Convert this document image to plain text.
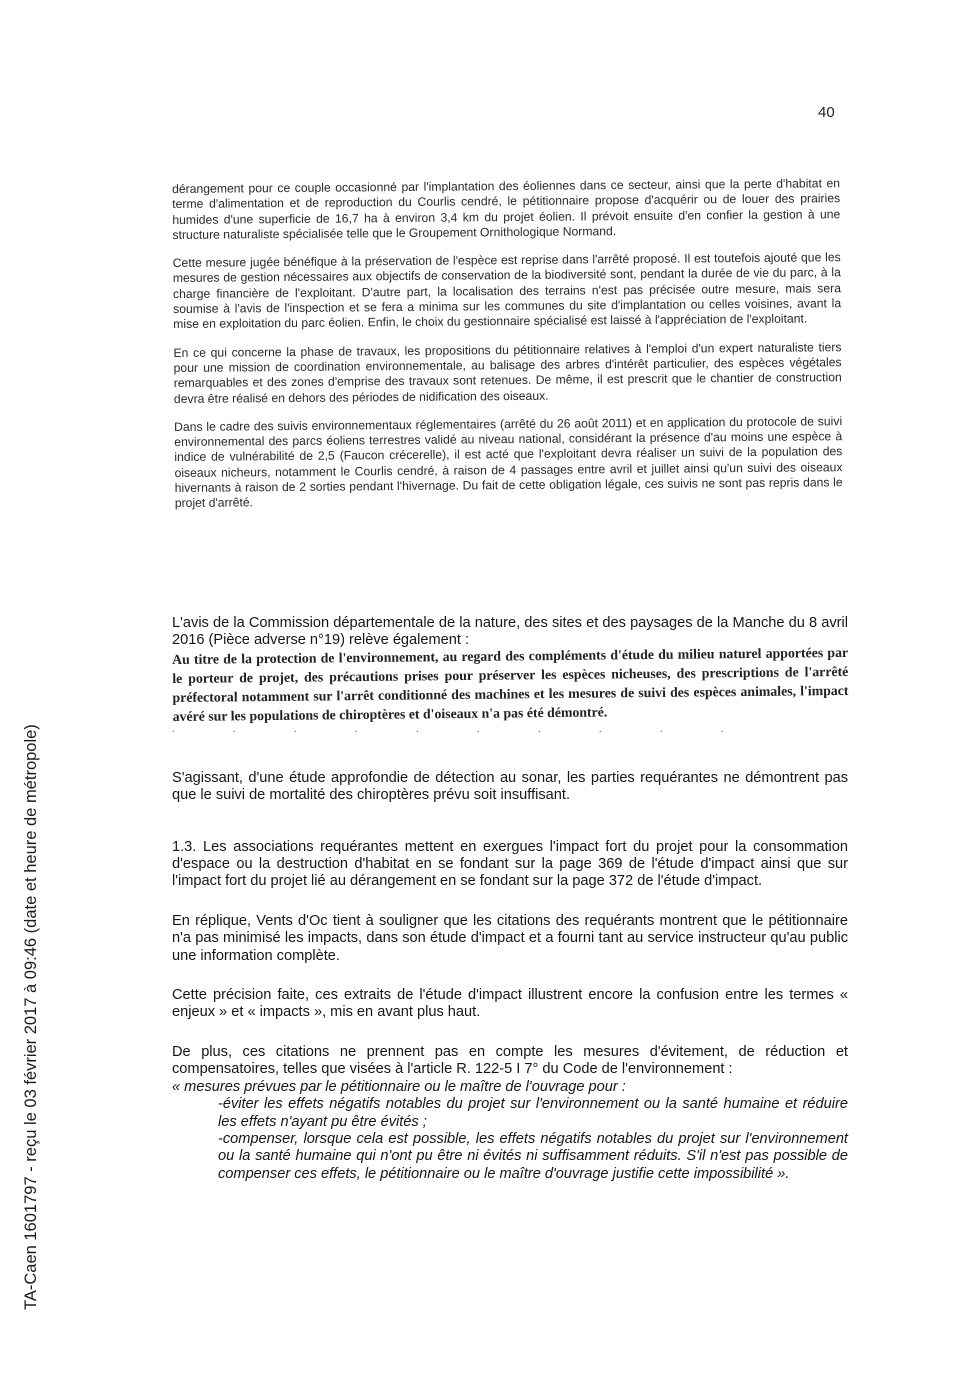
40
TA-Caen 1601797 - reçu le 03 février 2017 à 09:46 (date et heure de métropole)

dérangement pour ce couple occasionné par l'implantation des éoliennes dans ce secteur, ainsi que la perte d'habitat en terme d'alimentation et de reproduction du Courlis cendré, le pétitionnaire propose d'acquérir ou de louer des prairies humides d'une superficie de 16,7 ha à environ 3,4 km du projet éolien. Il prévoit ensuite d'en confier la gestion à une structure naturaliste spécialisée telle que le Groupement Ornithologique Normand.

Cette mesure jugée bénéfique à la préservation de l'espèce est reprise dans l'arrêté proposé. Il est toutefois ajouté que les mesures de gestion nécessaires aux objectifs de conservation de la biodiversité sont, pendant la durée de vie du parc, à la charge financière de l'exploitant. D'autre part, la localisation des terrains n'est pas précisée outre mesure, mais sera soumise à l'avis de l'inspection et se fera a minima sur les communes du site d'implantation ou celles voisines, avant la mise en exploitation du parc éolien. Enfin, le choix du gestionnaire spécialisé est laissé à l'appréciation de l'exploitant.

En ce qui concerne la phase de travaux, les propositions du pétitionnaire relatives à l'emploi d'un expert naturaliste tiers pour une mission de coordination environnementale, au balisage des arbres d'intérêt particulier, des espèces végétales remarquables et des zones d'emprise des travaux sont retenues. De même, il est prescrit que le chantier de construction devra être réalisé en dehors des périodes de nidification des oiseaux.

Dans le cadre des suivis environnementaux réglementaires (arrêté du 26 août 2011) et en application du protocole de suivi environnemental des parcs éoliens terrestres validé au niveau national, considérant la présence d'au moins une espèce à indice de vulnérabilité de 2,5 (Faucon crécerelle), il est acté que l'exploitant devra réaliser un suivi de la population des oiseaux nicheurs, notamment le Courlis cendré, à raison de 4 passages entre avril et juillet ainsi qu'un suivi des oiseaux hivernants à raison de 2 sorties pendant l'hivernage. Du fait de cette obligation légale, ces suivis ne sont pas repris dans le projet d'arrêté.

L'avis de la Commission départementale de la nature, des sites et des paysages de la Manche du 8 avril 2016 (Pièce adverse n°19) relève également :

Au titre de la protection de l'environnement, au regard des compléments d'étude du milieu naturel apportées par le porteur de projet, des précautions prises pour préserver les espèces nicheuses, des prescriptions de l'arrêté préfectoral notamment sur l'arrêt conditionné des machines et les mesures de suivi des espèces animales, l'impact avéré sur les populations de chiroptères et d'oiseaux n'a pas été démontré.

. . . . . . . . . .

S'agissant, d'une étude approfondie de détection au sonar, les parties requérantes ne démontrent pas que le suivi de mortalité des chiroptères prévu soit insuffisant.

1.3. Les associations requérantes mettent en exergues l'impact fort du projet pour la consommation d'espace ou la destruction d'habitat en se fondant sur la page 369 de l'étude d'impact ainsi que sur l'impact fort du projet lié au dérangement en se fondant sur la page 372 de l'étude d'impact.

En réplique, Vents d'Oc tient à souligner que les citations des requérants montrent que le pétitionnaire n'a pas minimisé les impacts, dans son étude d'impact et a fourni tant au service instructeur qu'au public une information complète.

Cette précision faite, ces extraits de l'étude d'impact illustrent encore la confusion entre les termes « enjeux » et « impacts », mis en avant plus haut.

De plus, ces citations ne prennent pas en compte les mesures d'évitement, de réduction et compensatoires, telles que visées à l'article R. 122-5 I 7° du Code de l'environnement :

« mesures prévues par le pétitionnaire ou le maître de l'ouvrage pour :

-éviter les effets négatifs notables du projet sur l'environnement ou la santé humaine et réduire les effets n'ayant pu être évités ;

-compenser, lorsque cela est possible, les effets négatifs notables du projet sur l'environnement ou la santé humaine qui n'ont pu être ni évités ni suffisamment réduits. S'il n'est pas possible de compenser ces effets, le pétitionnaire ou le maître d'ouvrage justifie cette impossibilité ».
